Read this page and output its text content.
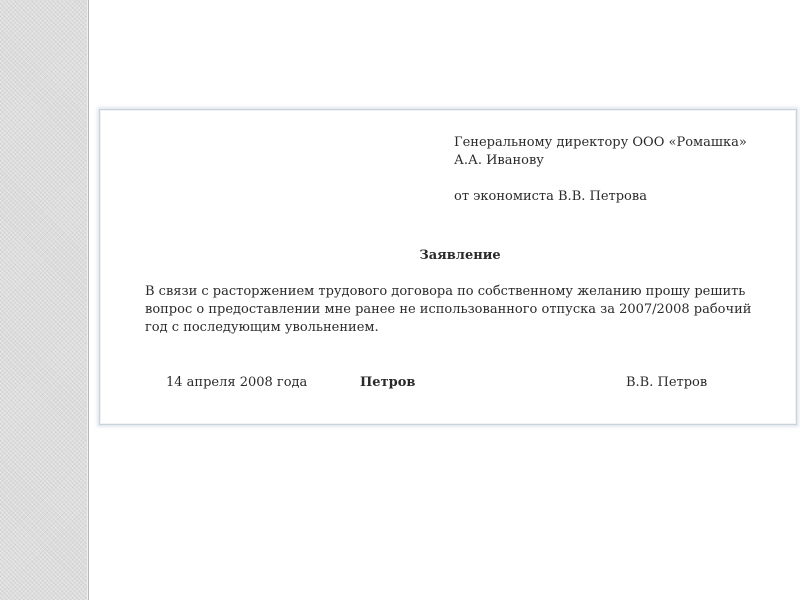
Генеральному директору ООО «Ромашка»
А.А. Иванову
от экономиста В.В. Петрова
Заявление
В связи с расторжением трудового договора по собственному желанию прошу решить вопрос о предоставлении мне ранее не использованного отпуска за 2007/2008 рабочий год с последующим увольнением.
14 апреля 2008 года	Петров	В.В. Петров
